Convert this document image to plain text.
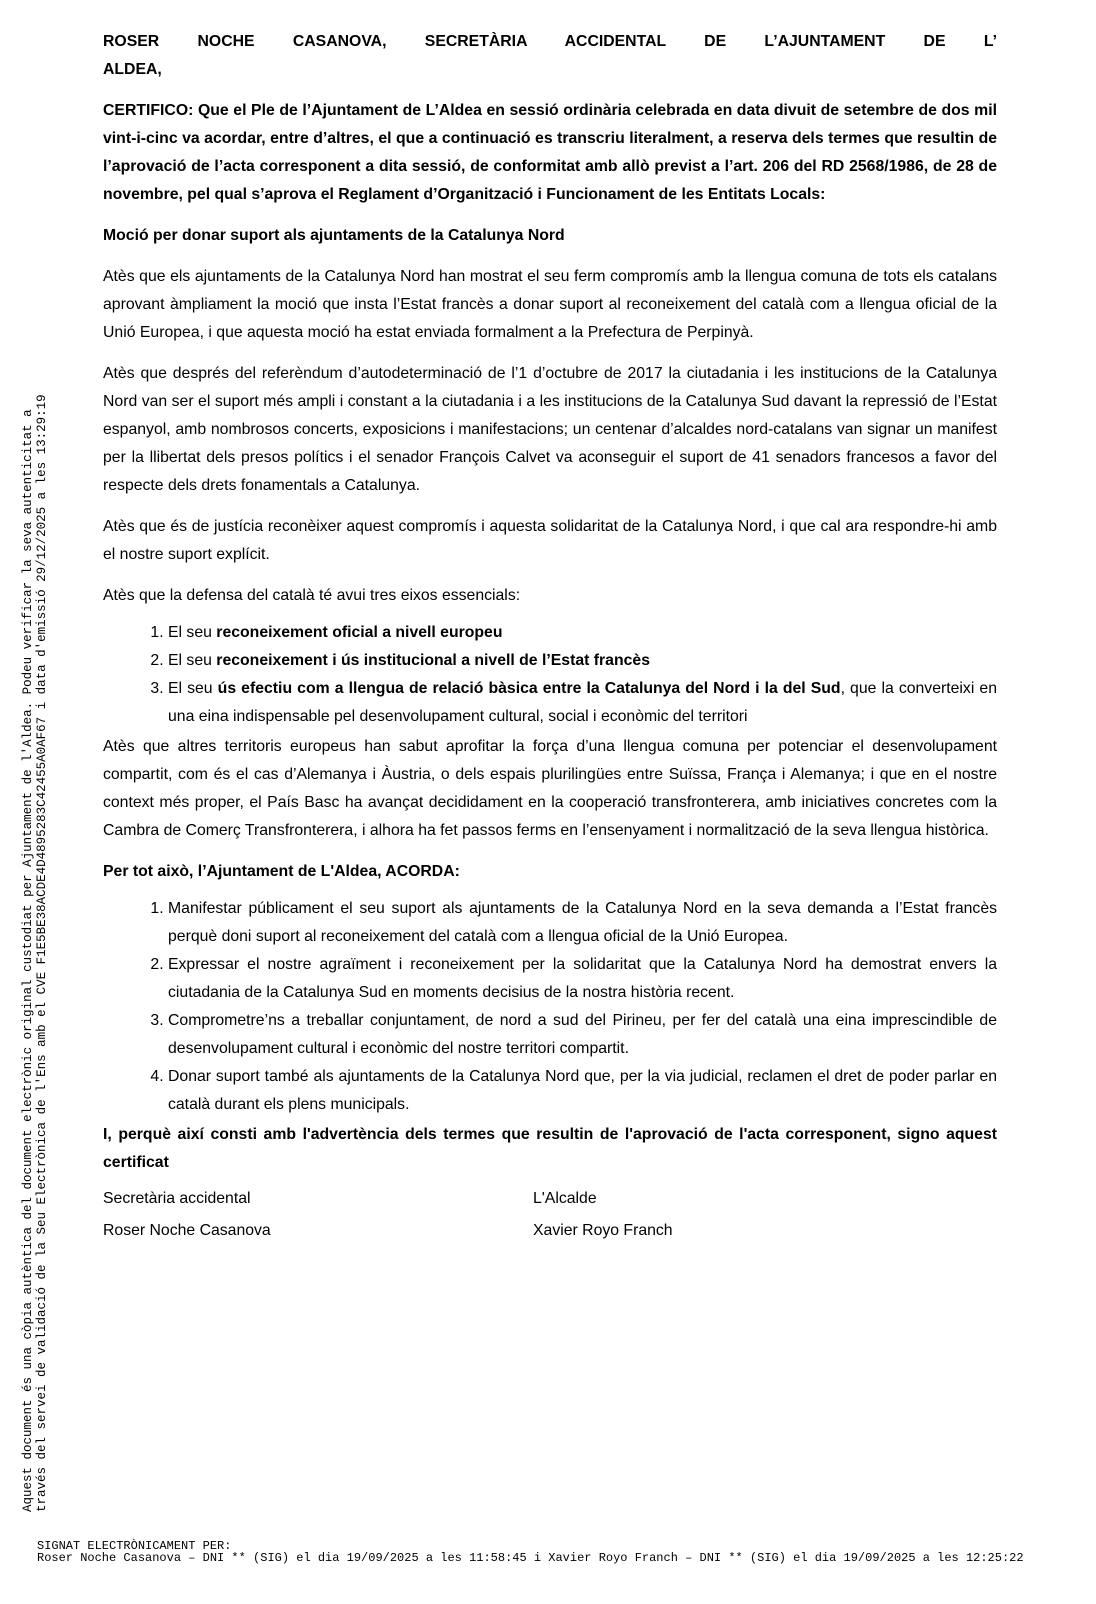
Aquest document és una còpia autèntica del document electrònic original custodiat per Ajuntament de l'Aldea. Podeu verificar la seva autenticitat a través del servei de validació de la Seu Electrònica de l'Ens amb el CVE F1E5BE38ACDE4D4895283C42455A0AF67 i data d'emissió 29/12/2025 a les 13:29:19

ROSER NOCHE CASANOVA, SECRETÀRIA ACCIDENTAL DE L’AJUNTAMENT DE L’
ALDEA,

CERTIFICO: Que el Ple de l’Ajuntament de L’Aldea en sessió ordinària celebrada en data divuit de setembre de dos mil vint-i-cinc va acordar, entre d’altres, el que a continuació es transcriu literalment, a reserva dels termes que resultin de l’aprovació de l’acta corresponent a dita sessió, de conformitat amb allò previst a l’art. 206 del RD 2568/1986, de 28 de novembre, pel qual s’aprova el Reglament d’Organització i Funcionament de les Entitats Locals:

Moció per donar suport als ajuntaments de la Catalunya Nord

Atès que els ajuntaments de la Catalunya Nord han mostrat el seu ferm compromís amb la llengua comuna de tots els catalans aprovant àmpliament la moció que insta l’Estat francès a donar suport al reconeixement del català com a llengua oficial de la Unió Europea, i que aquesta moció ha estat enviada formalment a la Prefectura de Perpinyà.

Atès que després del referèndum d’autodeterminació de l’1 d’octubre de 2017 la ciutadania i les institucions de la Catalunya Nord van ser el suport més ampli i constant a la ciutadania i a les institucions de la Catalunya Sud davant la repressió de l’Estat espanyol, amb nombrosos concerts, exposicions i manifestacions; un centenar d’alcaldes nord-catalans van signar un manifest per la llibertat dels presos polítics i el senador François Calvet va aconseguir el suport de 41 senadors francesos a favor del respecte dels drets fonamentals a Catalunya.

Atès que és de justícia reconèixer aquest compromís i aquesta solidaritat de la Catalunya Nord, i que cal ara respondre-hi amb el nostre suport explícit.

Atès que la defensa del català té avui tres eixos essencials:

1. El seu reconeixement oficial a nivell europeu
2. El seu reconeixement i ús institucional a nivell de l’Estat francès
3. El seu ús efectiu com a llengua de relació bàsica entre la Catalunya del Nord i la del Sud, que la converteixi en una eina indispensable pel desenvolupament cultural, social i econòmic del territori

Atès que altres territoris europeus han sabut aprofitar la força d’una llengua comuna per potenciar el desenvolupament compartit, com és el cas d’Alemanya i Àustria, o dels espais plurilingües entre Suïssa, França i Alemanya; i que en el nostre context més proper, el País Basc ha avançat decididament en la cooperació transfronterera, amb iniciatives concretes com la Cambra de Comerç Transfronterera, i alhora ha fet passos ferms en l’ensenyament i normalització de la seva llengua històrica.

Per tot això, l’Ajuntament de L'Aldea, ACORDA:

1. Manifestar públicament el seu suport als ajuntaments de la Catalunya Nord en la seva demanda a l’Estat francès perquè doni suport al reconeixement del català com a llengua oficial de la Unió Europea.
2. Expressar el nostre agraïment i reconeixement per la solidaritat que la Catalunya Nord ha demostrat envers la ciutadania de la Catalunya Sud en moments decisius de la nostra història recent.
3. Comprometre’ns a treballar conjuntament, de nord a sud del Pirineu, per fer del català una eina imprescindible de desenvolupament cultural i econòmic del nostre territori compartit.
4. Donar suport també als ajuntaments de la Catalunya Nord que, per la via judicial, reclamen el dret de poder parlar en català durant els plens municipals.

I, perquè així consti amb l'advertència dels termes que resultin de l'aprovació de l'acta corresponent, signo aquest certificat

Secretària accidental
Roser Noche Casanova
L'Alcalde
Xavier Royo Franch
SIGNAT ELECTRÒNICAMENT PER:
Roser Noche Casanova – DNI ** (SIG) el dia 19/09/2025 a les 11:58:45 i Xavier Royo Franch – DNI ** (SIG) el dia 19/09/2025 a les 12:25:22
